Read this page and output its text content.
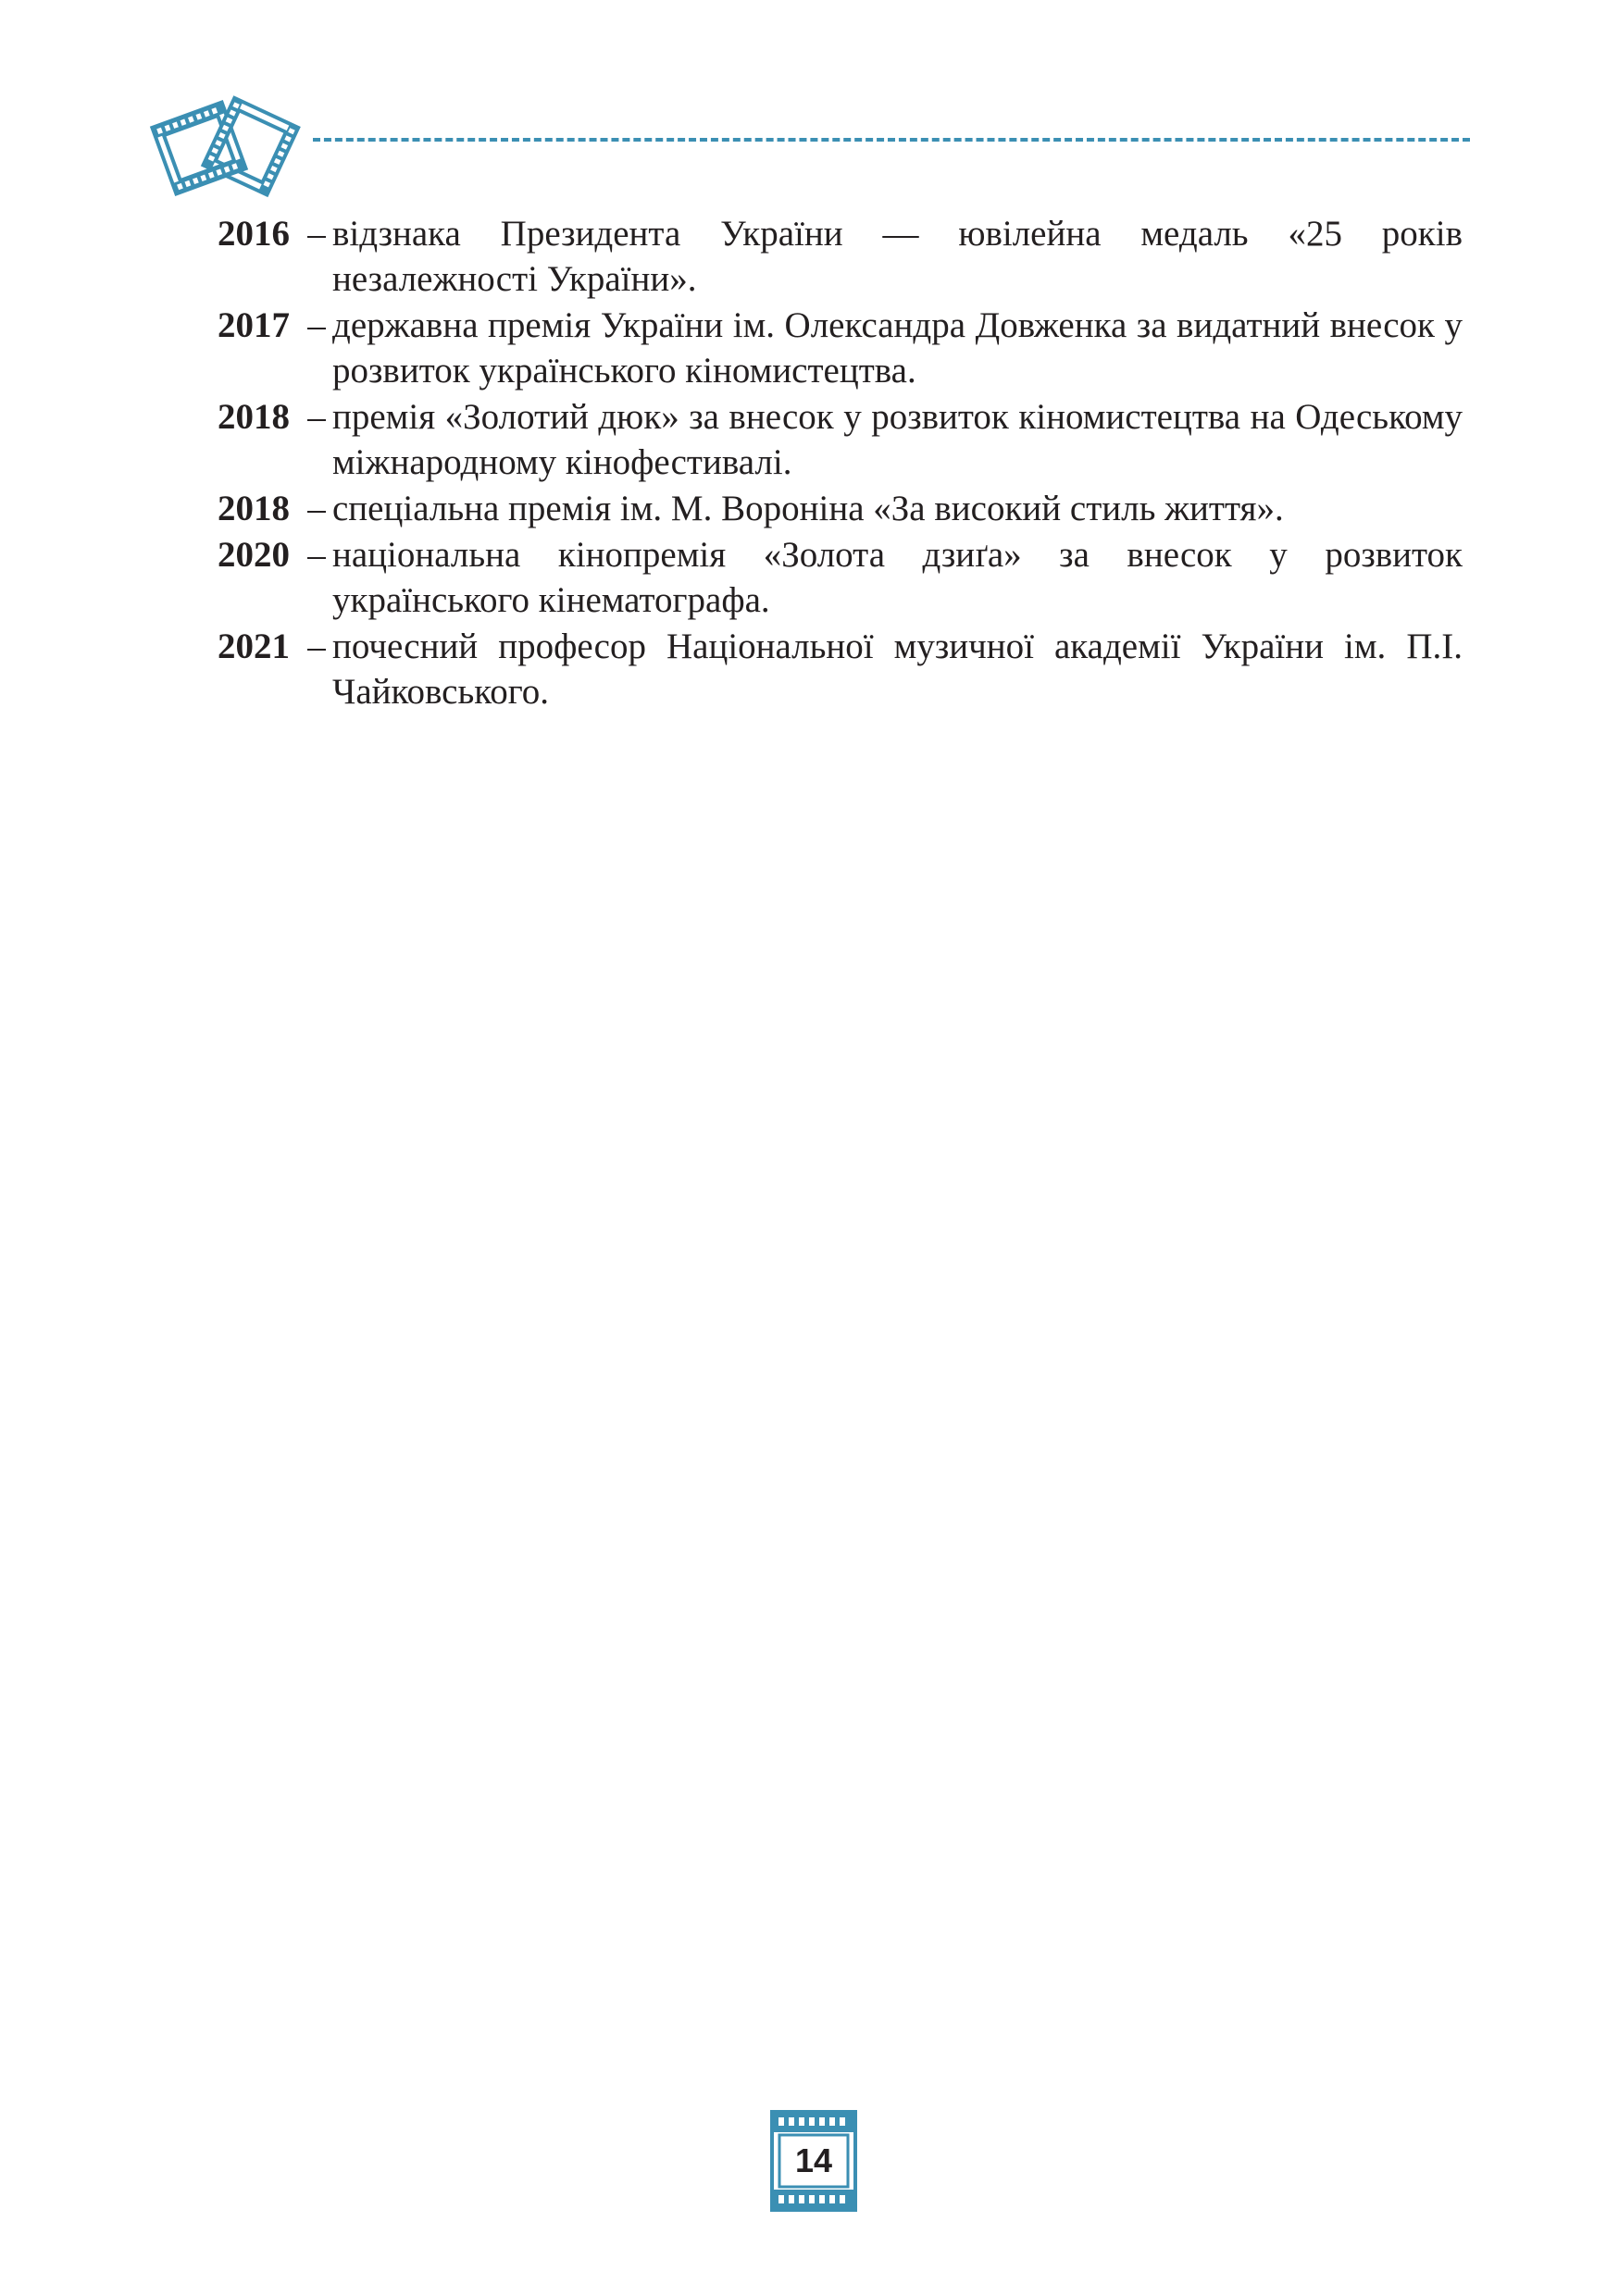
2016 – відзнака Президента України — ювілейна медаль «25 років незалежності України».
2017 – державна премія України ім. Олександра Довженка за видатний внесок у розвиток українського кіномистецтва.
2018 – премія «Золотий дюк» за внесок у розвиток кіномистецтва на Одеському міжнародному кінофестивалі.
2018 – спеціальна премія ім. М. Вороніна «За високий стиль життя».
2020 – національна кінопремія «Золота дзиґа» за внесок у розвиток українського кінематографа.
2021 – почесний професор Національної музичної академії України ім. П.І. Чайковського.
14
